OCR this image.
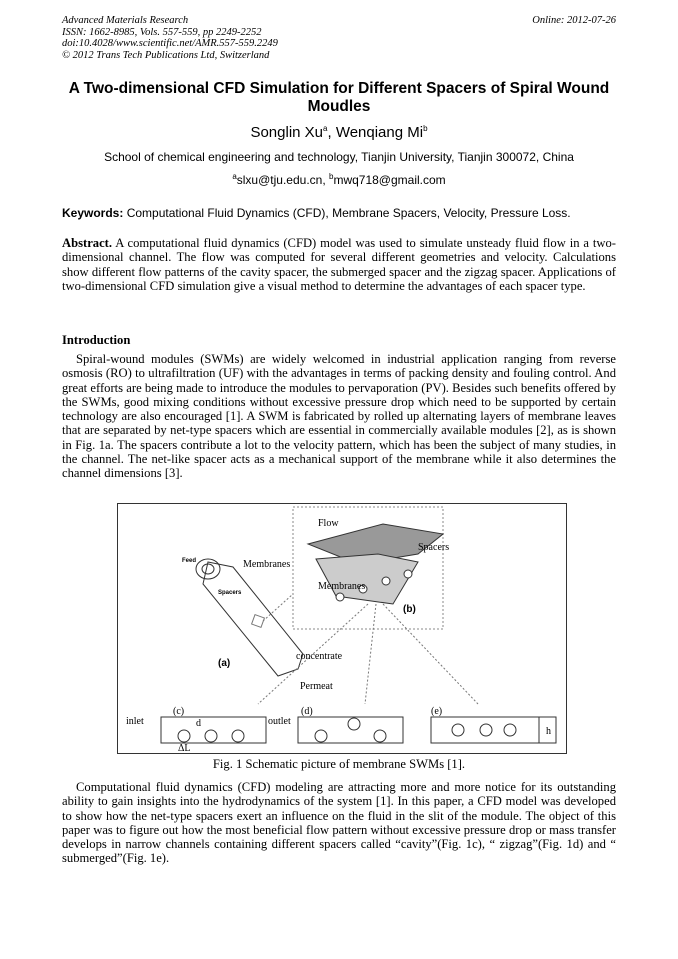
Advanced Materials Research
ISSN: 1662-8985, Vols. 557-559, pp 2249-2252
doi:10.4028/www.scientific.net/AMR.557-559.2249
© 2012 Trans Tech Publications Ltd, Switzerland
Online: 2012-07-26
A Two-dimensional CFD Simulation for Different Spacers of Spiral Wound Moudles
Songlin Xu$^a$, Wenqiang Mi$^b$
School of chemical engineering and technology, Tianjin University, Tianjin 300072, China
$^a$slxu@tju.edu.cn, $^b$mwq718@gmail.com
Keywords: Computational Fluid Dynamics (CFD), Membrane Spacers, Velocity, Pressure Loss.
Abstract. A computational fluid dynamics (CFD) model was used to simulate unsteady fluid flow in a two-dimensional channel. The flow was computed for several different geometries and velocity. Calculations show different flow patterns of the cavity spacer, the submerged spacer and the zigzag spacer. Applications of two-dimensional CFD simulation give a visual method to determine the advantages of each spacer type.
Introduction
Spiral-wound modules (SWMs) are widely welcomed in industrial application ranging from reverse osmosis (RO) to ultrafiltration (UF) with the advantages in terms of packing density and fouling control. And great efforts are being made to introduce the modules to pervaporation (PV). Besides such benefits offered by the SWMs, good mixing conditions without excessive pressure drop which need to be supported by certain technology are also encouraged [1]. A SWM is fabricated by rolled up alternating layers of membrane leaves that are separated by net-type spacers which are essential in commercially available modules [2], as is shown in Fig. 1a. The spacers contribute a lot to the velocity pattern, which has been the subject of many studies, in the channel. The net-like spacer acts as a mechanical support of the membrane while it also determines the channel dimensions [3].
Flow
Spacers
Membranes
(b)
Membranes
Feed
Spacers
(a)
concentrate
Permeat
(c)	(d)	(e)
inlet	outlet
d
ΔL
h
Fig. 1 Schematic picture of membrane SWMs [1].
Computational fluid dynamics (CFD) modeling are attracting more and more notice for its outstanding ability to gain insights into the hydrodynamics of the system [1]. In this paper, a CFD model was developed to show how the net-type spacers exert an influence on the fluid in the slit of the module. The object of this paper was to figure out how the most beneficial flow pattern without excessive pressure drop or mass transfer develops in narrow channels containing different spacers called “cavity”(Fig. 1c), “ zigzag”(Fig. 1d) and “ submerged”(Fig. 1e).
